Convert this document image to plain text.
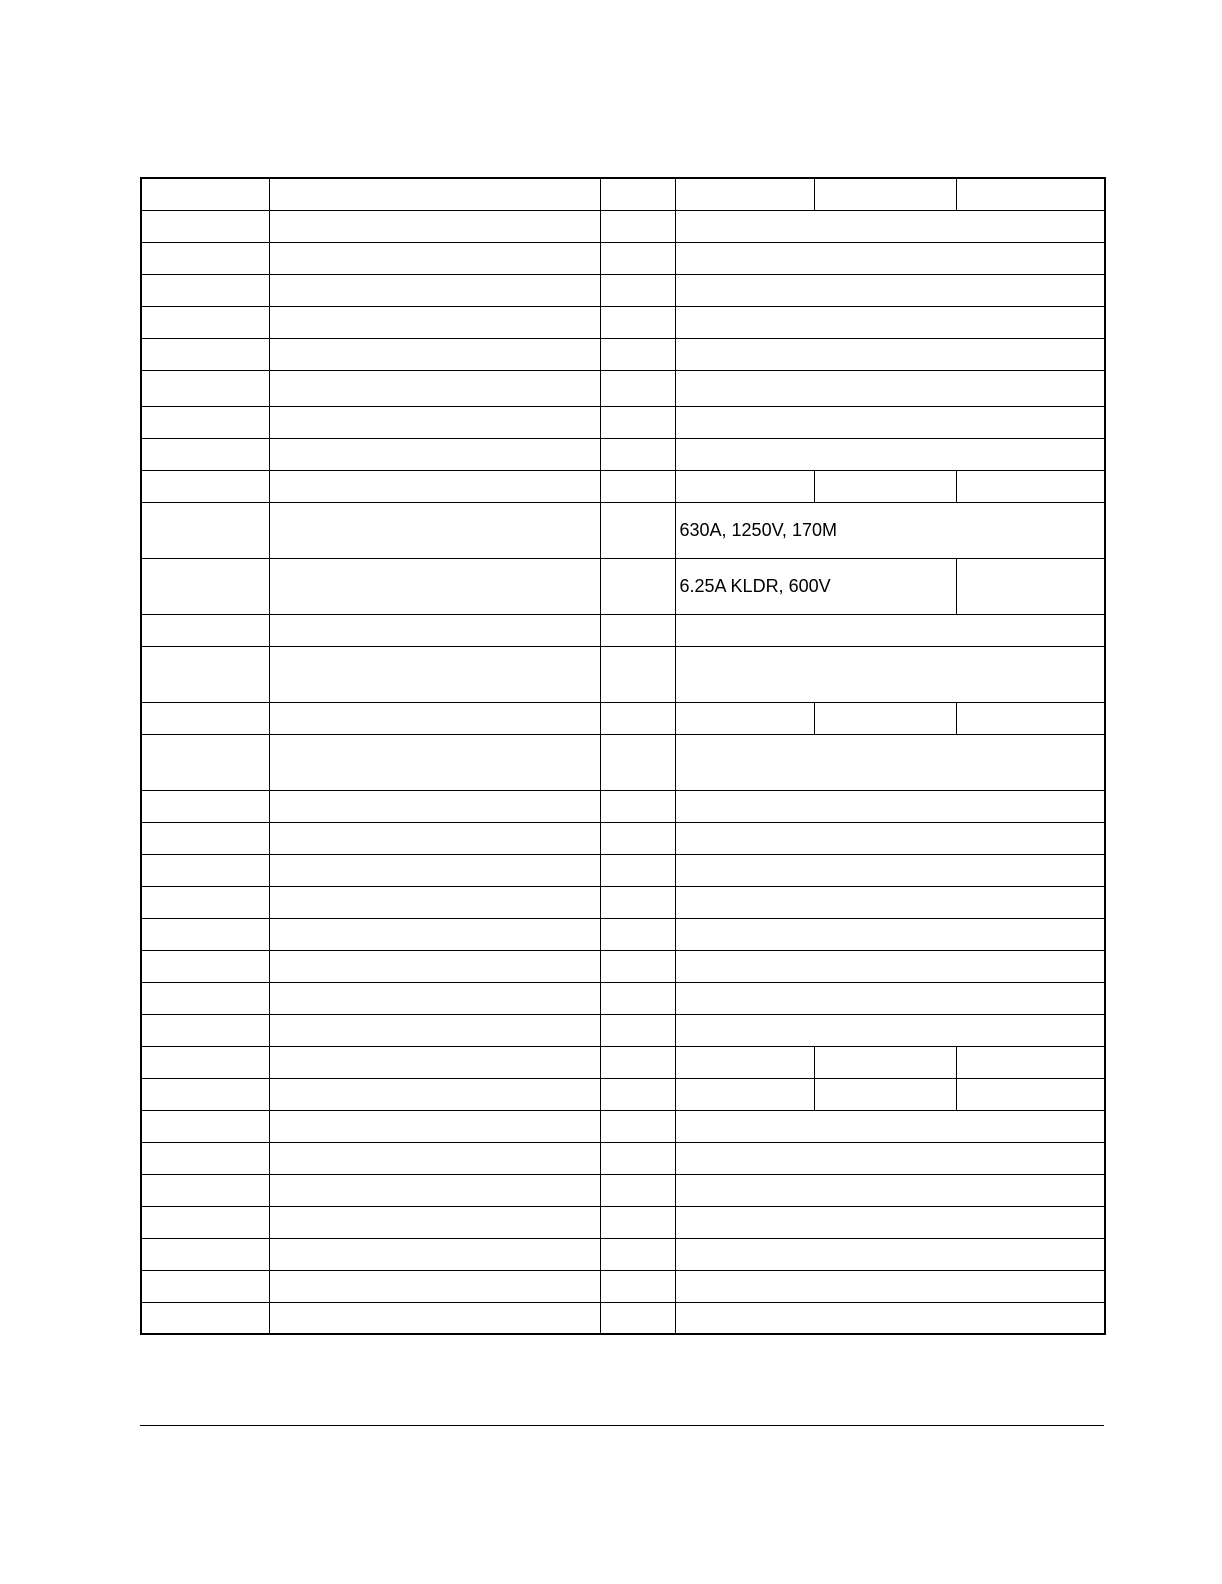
			630A, 1250V, 170M		
			6.25A KLDR, 600V		
